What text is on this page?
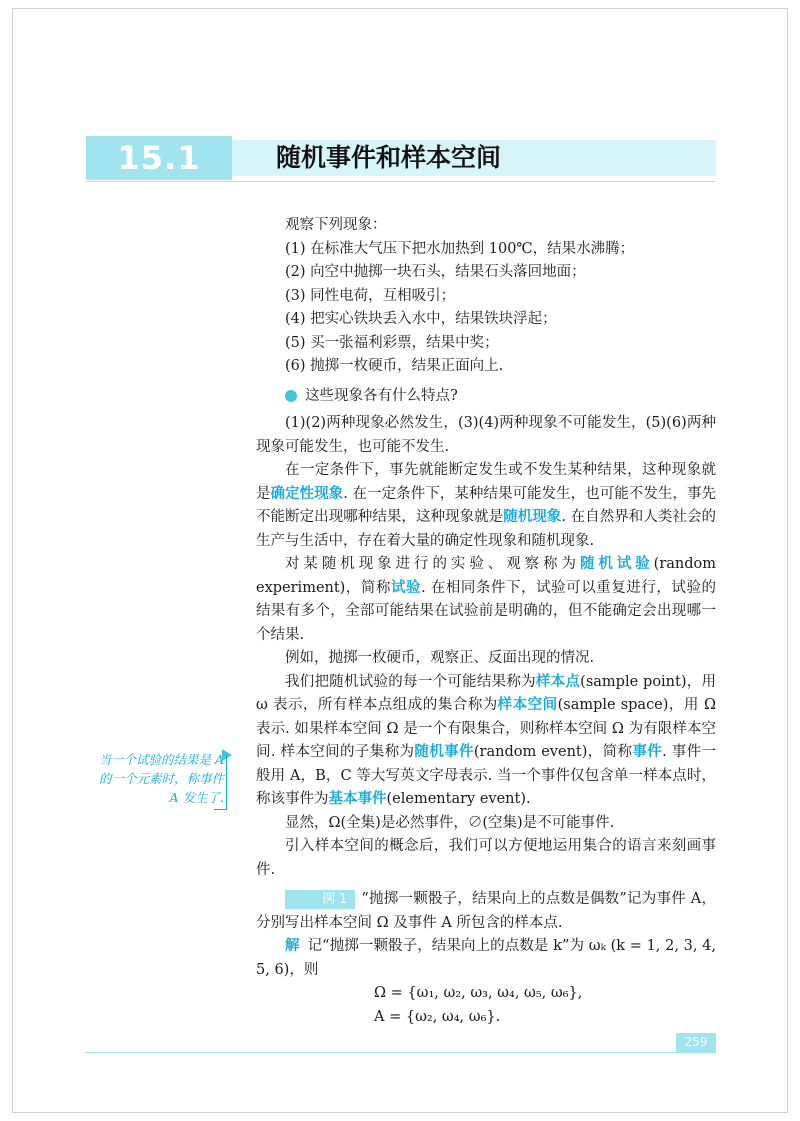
15.1	随机事件和样本空间

观察下列现象：

(1) 在标准大气压下把水加热到 100℃，结果水沸腾；

(2) 向空中抛掷一块石头，结果石头落回地面；

(3) 同性电荷，互相吸引；

(4) 把实心铁块丢入水中，结果铁块浮起；

(5) 买一张福利彩票，结果中奖；

(6) 抛掷一枚硬币，结果正面向上.

这些现象各有什么特点?

(1)(2)两种现象必然发生，(3)(4)两种现象不可能发生，(5)(6)两种现象可能发生，也可能不发生.

在一定条件下，事先就能断定发生或不发生某种结果，这种现象就是确定性现象. 在一定条件下，某种结果可能发生，也可能不发生，事先不能断定出现哪种结果，这种现象就是随机现象. 在自然界和人类社会的生产与生活中，存在着大量的确定性现象和随机现象.

对某随机现象进行的实验、观察称为随机试验(random experiment)，简称试验. 在相同条件下，试验可以重复进行，试验的结果有多个，全部可能结果在试验前是明确的，但不能确定会出现哪一个结果.

例如，抛掷一枚硬币，观察正、反面出现的情况.

我们把随机试验的每一个可能结果称为样本点(sample point)，用 ω 表示，所有样本点组成的集合称为样本空间(sample space)，用 Ω 表示. 如果样本空间 Ω 是一个有限集合，则称样本空间 Ω 为有限样本空间. 样本空间的子集称为随机事件(random event)，简称事件. 事件一般用 A，B，C 等大写英文字母表示. 当一个事件仅包含单一样本点时，称该事件为基本事件(elementary event).

显然，Ω(全集)是必然事件，∅(空集)是不可能事件.

引入样本空间的概念后，我们可以方便地运用集合的语言来刻画事件.

例 1 “抛掷一颗骰子，结果向上的点数是偶数”记为事件 A，分别写出样本空间 Ω 及事件 A 所包含的样本点.

解 记“抛掷一颗骰子，结果向上的点数是 k”为 ωₖ (k = 1, 2, 3, 4, 5, 6)，则

Ω = {ω₁, ω₂, ω₃, ω₄, ω₅, ω₆},

A = {ω₂, ω₄, ω₆}.

当一个试验的结果是 A 的一个元素时，称事件 A 发生了.
259
